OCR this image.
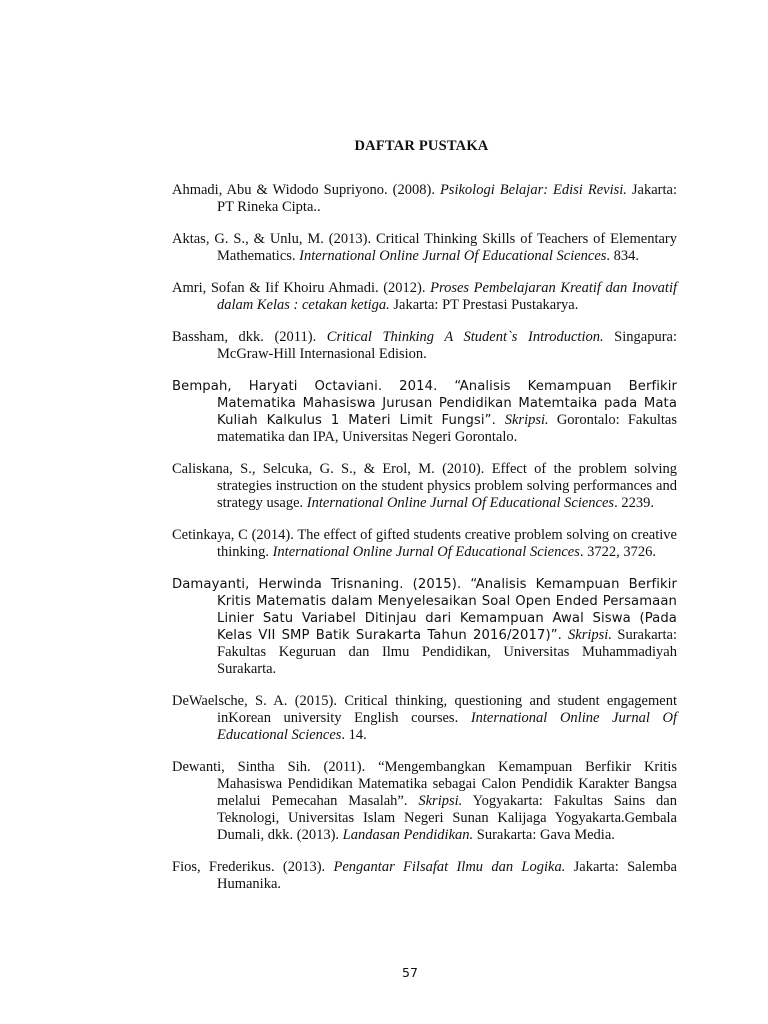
DAFTAR PUSTAKA

Ahmadi, Abu & Widodo Supriyono. (2008). Psikologi Belajar: Edisi Revisi. Jakarta: PT Rineka Cipta..

Aktas, G. S., & Unlu, M. (2013). Critical Thinking Skills of Teachers of Elementary Mathematics. International Online Jurnal Of Educational Sciences. 834.

Amri, Sofan & Iif Khoiru Ahmadi. (2012). Proses Pembelajaran Kreatif dan Inovatif dalam Kelas : cetakan ketiga. Jakarta: PT Prestasi Pustakarya.

Bassham, dkk. (2011). Critical Thinking A Student`s Introduction. Singapura: McGraw-Hill Internasional Edision.

Bempah, Haryati Octaviani. 2014. “Analisis Kemampuan Berfikir Matematika Mahasiswa Jurusan Pendidikan Matemtaika pada Mata Kuliah Kalkulus 1 Materi Limit Fungsi”. Skripsi. Gorontalo: Fakultas matematika dan IPA, Universitas Negeri Gorontalo.

Caliskana, S., Selcuka, G. S., & Erol, M. (2010). Effect of the problem solving strategies instruction on the student physics problem solving performances and strategy usage. International Online Jurnal Of Educational Sciences. 2239.

Cetinkaya, C (2014). The effect of gifted students creative problem solving on creative thinking. International Online Jurnal Of Educational Sciences. 3722, 3726.

Damayanti, Herwinda Trisnaning. (2015). “Analisis Kemampuan Berfikir Kritis Matematis dalam Menyelesaikan Soal Open Ended Persamaan Linier Satu Variabel Ditinjau dari Kemampuan Awal Siswa (Pada Kelas VII SMP Batik Surakarta Tahun 2016/2017)”. Skripsi. Surakarta: Fakultas Keguruan dan Ilmu Pendidikan, Universitas Muhammadiyah Surakarta.

DeWaelsche, S. A. (2015). Critical thinking, questioning and student engagement inKorean university English courses. International Online Jurnal Of Educational Sciences. 14.

Dewanti, Sintha Sih. (2011). “Mengembangkan Kemampuan Berfikir Kritis Mahasiswa Pendidikan Matematika sebagai Calon Pendidik Karakter Bangsa melalui Pemecahan Masalah”. Skripsi. Yogyakarta: Fakultas Sains dan Teknologi, Universitas Islam Negeri Sunan Kalijaga Yogyakarta.Gembala Dumali, dkk. (2013). Landasan Pendidikan. Surakarta: Gava Media.

Fios, Frederikus. (2013). Pengantar Filsafat Ilmu dan Logika. Jakarta: Salemba Humanika.

57
